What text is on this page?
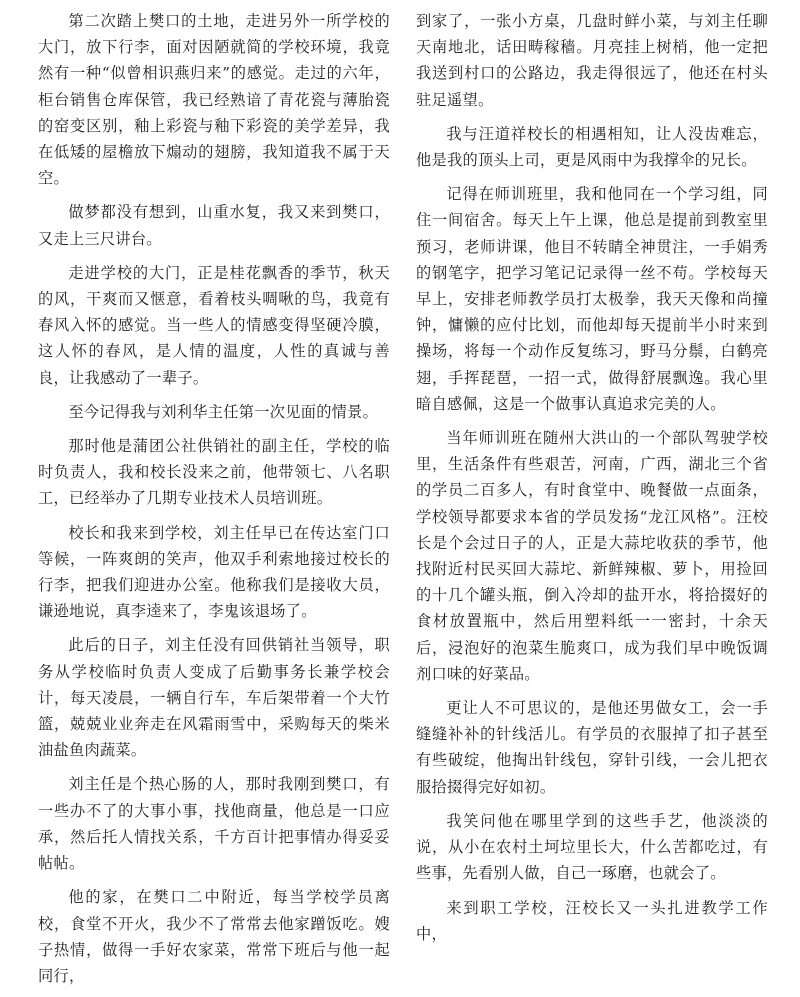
第二次踏上樊口的土地，走进另外一所学校的大门，放下行李，面对因陋就简的学校环境，我竟然有一种“似曾相识燕归来”的感觉。走过的六年，柜台销售仓库保管，我已经熟谙了青花瓷与薄胎瓷的窑变区别，釉上彩瓷与釉下彩瓷的美学差异，我在低矮的屋檐放下煽动的翅膀，我知道我不属于天空。

做梦都没有想到，山重水复，我又来到樊口，又走上三尺讲台。

走进学校的大门，正是桂花飘香的季节，秋天的风，干爽而又惬意，看着枝头啁啾的鸟，我竟有春风入怀的感觉。当一些人的情感变得坚硬冷膜，这人怀的春风，是人情的温度，人性的真诚与善良，让我感动了一辈子。

至今记得我与刘利华主任第一次见面的情景。

那时他是蒲团公社供销社的副主任，学校的临时负责人，我和校长没来之前，他带领七、八名职工，已经举办了几期专业技术人员培训班。

校长和我来到学校，刘主任早已在传达室门口等候，一阵爽朗的笑声，他双手利索地接过校长的行李，把我们迎进办公室。他称我们是接收大员，谦逊地说，真李逵来了，李鬼该退场了。

此后的日子，刘主任没有回供销社当领导，职务从学校临时负责人变成了后勤事务长兼学校会计，每天凌晨，一辆自行车，车后架带着一个大竹篮，兢兢业业奔走在风霜雨雪中，采购每天的柴米油盐鱼肉蔬菜。

刘主任是个热心肠的人，那时我刚到樊口，有一些办不了的大事小事，找他商量，他总是一口应承，然后托人情找关系，千方百计把事情办得妥妥帖帖。

他的家，在樊口二中附近，每当学校学员离校，食堂不开火，我少不了常常去他家蹭饭吃。嫂子热情，做得一手好农家菜，常常下班后与他一起同行，

到家了，一张小方桌，几盘时鲜小菜，与刘主任聊天南地北，话田畴稼穑。月亮挂上树梢，他一定把我送到村口的公路边，我走得很远了，他还在村头驻足遥望。

我与汪道祥校长的相遇相知，让人没齿难忘，他是我的顶头上司，更是风雨中为我撑伞的兄长。

记得在师训班里，我和他同在一个学习组，同住一间宿舍。每天上午上课，他总是提前到教室里预习，老师讲课，他目不转睛全神贯注，一手娟秀的钢笔字，把学习笔记记录得一丝不苟。学校每天早上，安排老师教学员打太极拳，我天天像和尚撞钟，慵懒的应付比划，而他却每天提前半小时来到操场，将每一个动作反复练习，野马分鬃，白鹤亮翅，手挥琵琶，一招一式，做得舒展飘逸。我心里暗自感佩，这是一个做事认真追求完美的人。

当年师训班在随州大洪山的一个部队驾驶学校里，生活条件有些艰苦，河南，广西，湖北三个省的学员二百多人，有时食堂中、晚餐做一点面条，学校领导都要求本省的学员发扬“龙江风格”。汪校长是个会过日子的人，正是大蒜坨收获的季节，他找附近村民买回大蒜坨、新鲜辣椒、萝卜，用捡回的十几个罐头瓶，倒入冷却的盐开水，将拾掇好的食材放置瓶中，然后用塑料纸一一密封，十余天后，浸泡好的泡菜生脆爽口，成为我们早中晚饭调剂口味的好菜品。

更让人不可思议的，是他还男做女工，会一手缝缝补补的针线活儿。有学员的衣服掉了扣子甚至有些破绽，他掏出针线包，穿针引线，一会儿把衣服拾掇得完好如初。

我笑问他在哪里学到的这些手艺，他淡淡的说，从小在农村土坷垃里长大，什么苦都吃过，有些事，先看别人做，自己一琢磨，也就会了。

来到职工学校，汪校长又一头扎进教学工作中，
